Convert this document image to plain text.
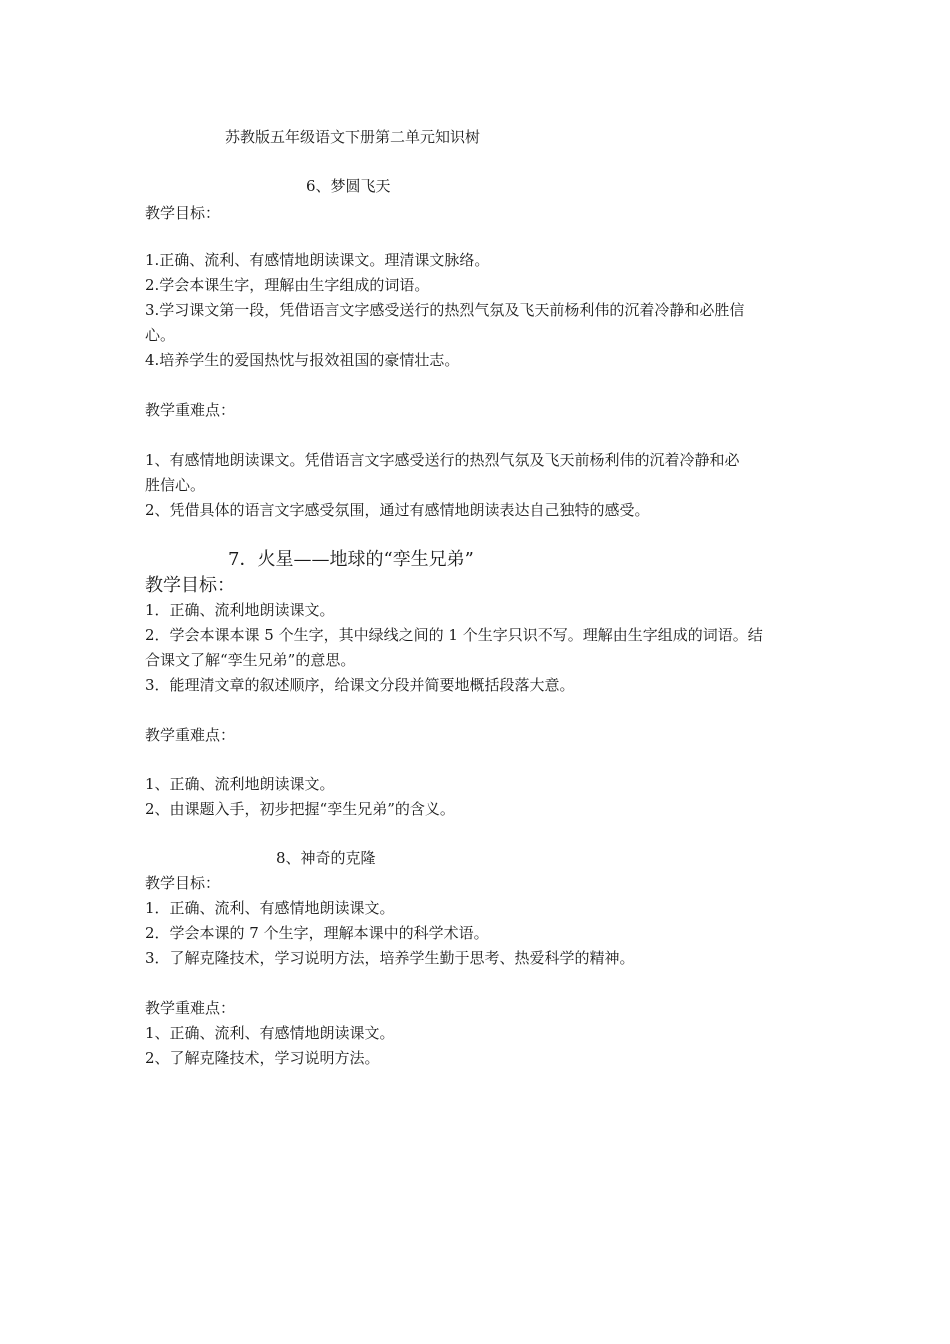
苏教版五年级语文下册第二单元知识树
6、梦圆飞天
教学目标：
1.正确、流利、有感情地朗读课文。理清课文脉络。
2.学会本课生字，理解由生字组成的词语。
3.学习课文第一段，凭借语言文字感受送行的热烈气氛及飞天前杨利伟的沉着冷静和必胜信
心。
4.培养学生的爱国热忱与报效祖国的豪情壮志。
教学重难点：
1、有感情地朗读课文。凭借语言文字感受送行的热烈气氛及飞天前杨利伟的沉着冷静和必
胜信心。
2、凭借具体的语言文字感受氛围，通过有感情地朗读表达自己独特的感受。
7．火星——地球的“孪生兄弟”
教学目标：
1．正确、流利地朗读课文。
2．学会本课本课 5 个生字，其中绿线之间的 1 个生字只识不写。理解由生字组成的词语。结
合课文了解“孪生兄弟”的意思。
3．能理清文章的叙述顺序，给课文分段并简要地概括段落大意。
教学重难点：
1、正确、流利地朗读课文。
2、由课题入手，初步把握“孪生兄弟”的含义。
8、神奇的克隆
教学目标：
1．正确、流利、有感情地朗读课文。
2．学会本课的 7 个生字，理解本课中的科学术语。
3．了解克隆技术，学习说明方法，培养学生勤于思考、热爱科学的精神。
教学重难点：
1、正确、流利、有感情地朗读课文。
2、了解克隆技术，学习说明方法。
